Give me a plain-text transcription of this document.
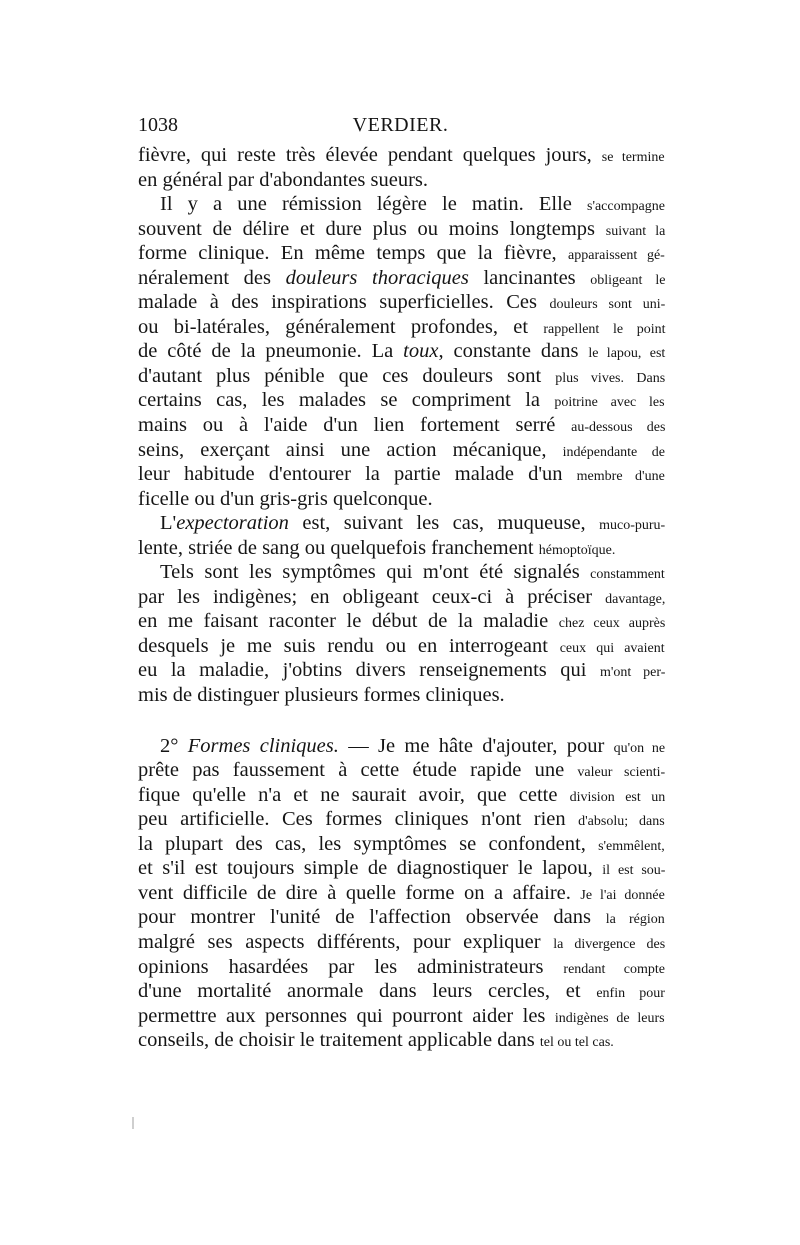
1038	VERDIER.
fièvre, qui reste très élevée pendant quelques jours, se termine
en général par d'abondantes sueurs.
Il y a une rémission légère le matin. Elle s'accompagne
souvent de délire et dure plus ou moins longtemps suivant la
forme clinique. En même temps que la fièvre, apparaissent gé-
néralement des douleurs thoraciques lancinantes obligeant le
malade à des inspirations superficielles. Ces douleurs sont uni-
ou bi-latérales, généralement profondes, et rappellent le point
de côté de la pneumonie. La toux, constante dans le lapou, est
d'autant plus pénible que ces douleurs sont plus vives. Dans
certains cas, les malades se compriment la poitrine avec les
mains ou à l'aide d'un lien fortement serré au-dessous des
seins, exerçant ainsi une action mécanique, indépendante de
leur habitude d'entourer la partie malade d'un membre d'une
ficelle ou d'un gris-gris quelconque.
L'expectoration est, suivant les cas, muqueuse, muco-puru-
lente, striée de sang ou quelquefois franchement hémoptoïque.
Tels sont les symptômes qui m'ont été signalés constamment
par les indigènes; en obligeant ceux-ci à préciser davantage,
en me faisant raconter le début de la maladie chez ceux auprès
desquels je me suis rendu ou en interrogeant ceux qui avaient
eu la maladie, j'obtins divers renseignements qui m'ont per-
mis de distinguer plusieurs formes cliniques.
2° Formes cliniques. — Je me hâte d'ajouter, pour qu'on ne
prête pas faussement à cette étude rapide une valeur scienti-
fique qu'elle n'a et ne saurait avoir, que cette division est un
peu artificielle. Ces formes cliniques n'ont rien d'absolu; dans
la plupart des cas, les symptômes se confondent, s'emmêlent,
et s'il est toujours simple de diagnostiquer le lapou, il est sou-
vent difficile de dire à quelle forme on a affaire. Je l'ai donnée
pour montrer l'unité de l'affection observée dans la région
malgré ses aspects différents, pour expliquer la divergence des
opinions hasardées par les administrateurs rendant compte
d'une mortalité anormale dans leurs cercles, et enfin pour
permettre aux personnes qui pourront aider les indigènes de leurs
conseils, de choisir le traitement applicable dans tel ou tel cas.
